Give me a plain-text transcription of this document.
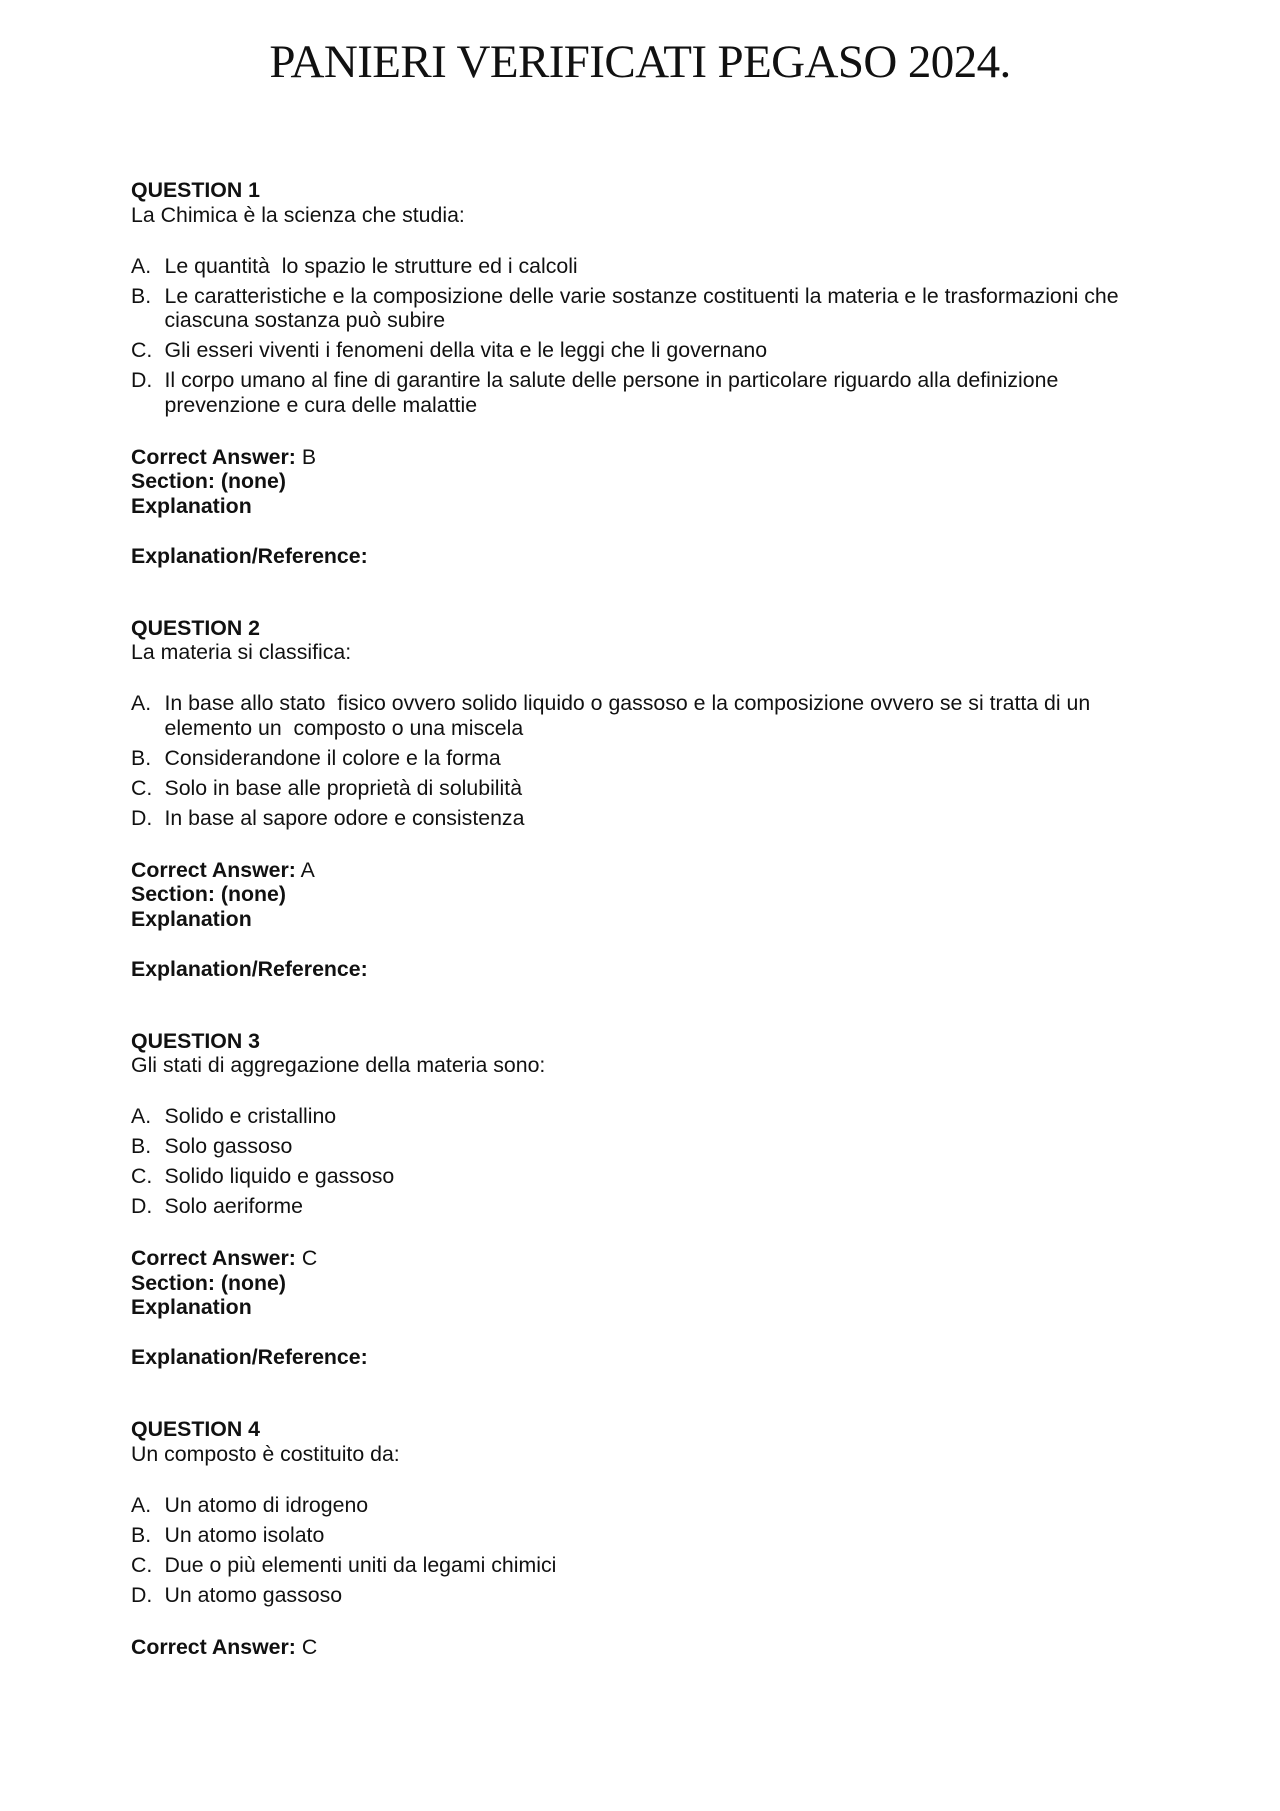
PANIERI VERIFICATI PEGASO 2024.
QUESTION 1
La Chimica è la scienza che studia:
A. Le quantità  lo spazio le strutture ed i calcoli
B. Le caratteristiche e la composizione delle varie sostanze costituenti la materia e le trasformazioni che
ciascuna sostanza può subire
C. Gli esseri viventi i fenomeni della vita e le leggi che li governano
D. Il corpo umano al fine di garantire la salute delle persone in particolare riguardo alla definizione
prevenzione e cura delle malattie
Correct Answer: B
Section: (none)
Explanation
Explanation/Reference:
QUESTION 2
La materia si classifica:
A. In base allo stato  fisico ovvero solido liquido o gassoso e la composizione ovvero se si tratta di un
elemento un  composto o una miscela
B. Considerandone il colore e la forma
C. Solo in base alle proprietà di solubilità
D. In base al sapore odore e consistenza
Correct Answer: A
Section: (none)
Explanation
Explanation/Reference:
QUESTION 3
Gli stati di aggregazione della materia sono:
A. Solido e cristallino
B. Solo gassoso
C. Solido liquido e gassoso
D. Solo aeriforme
Correct Answer: C
Section: (none)
Explanation
Explanation/Reference:
QUESTION 4
Un composto è costituito da:
A. Un atomo di idrogeno
B. Un atomo isolato
C. Due o più elementi uniti da legami chimici
D. Un atomo gassoso
Correct Answer: C
